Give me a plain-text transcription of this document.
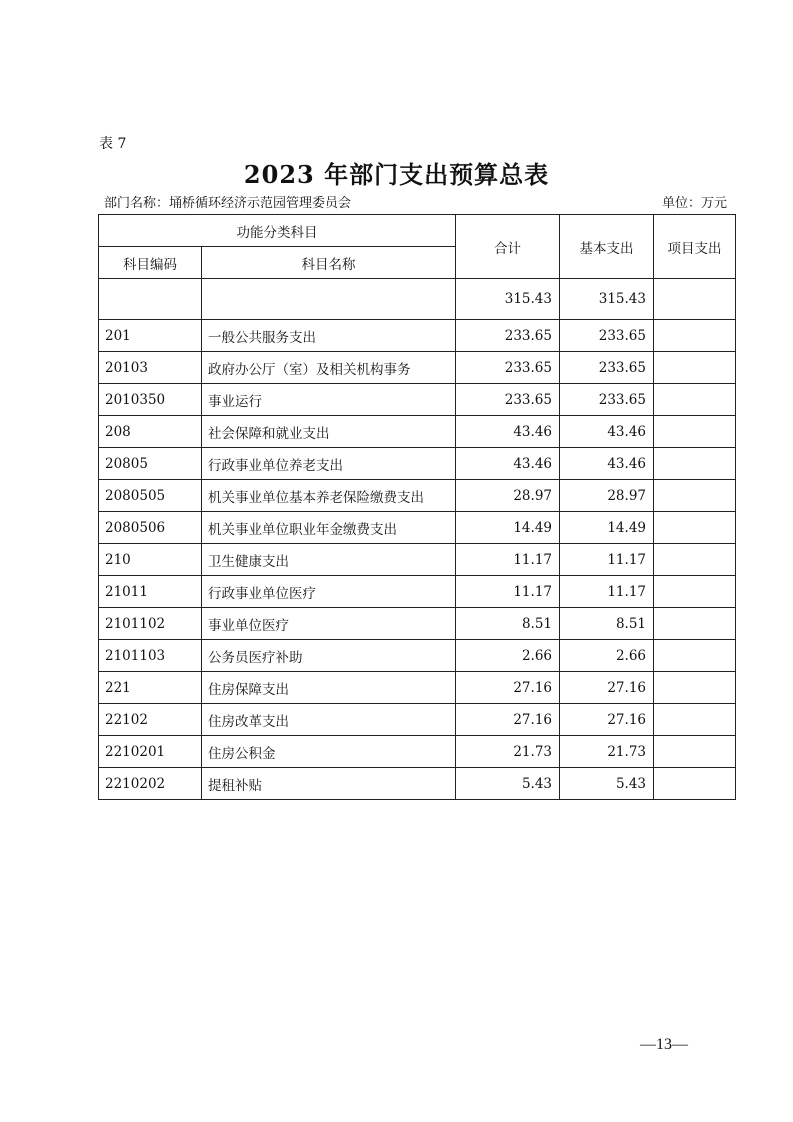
表 7
2023 年部门支出预算总表
部门名称：埇桥循环经济示范园管理委员会	单位：万元
功能分类科目		合计	基本支出	项目支出
科目编码	科目名称			
		315.43	315.43	
201	一般公共服务支出	233.65	233.65	
20103	政府办公厅（室）及相关机构事务	233.65	233.65	
2010350	事业运行	233.65	233.65	
208	社会保障和就业支出	43.46	43.46	
20805	行政事业单位养老支出	43.46	43.46	
2080505	机关事业单位基本养老保险缴费支出	28.97	28.97	
2080506	机关事业单位职业年金缴费支出	14.49	14.49	
210	卫生健康支出	11.17	11.17	
21011	行政事业单位医疗	11.17	11.17	
2101102	事业单位医疗	8.51	8.51	
2101103	公务员医疗补助	2.66	2.66	
221	住房保障支出	27.16	27.16	
22102	住房改革支出	27.16	27.16	
2210201	住房公积金	21.73	21.73	
2210202	提租补贴	5.43	5.43	
—13—
